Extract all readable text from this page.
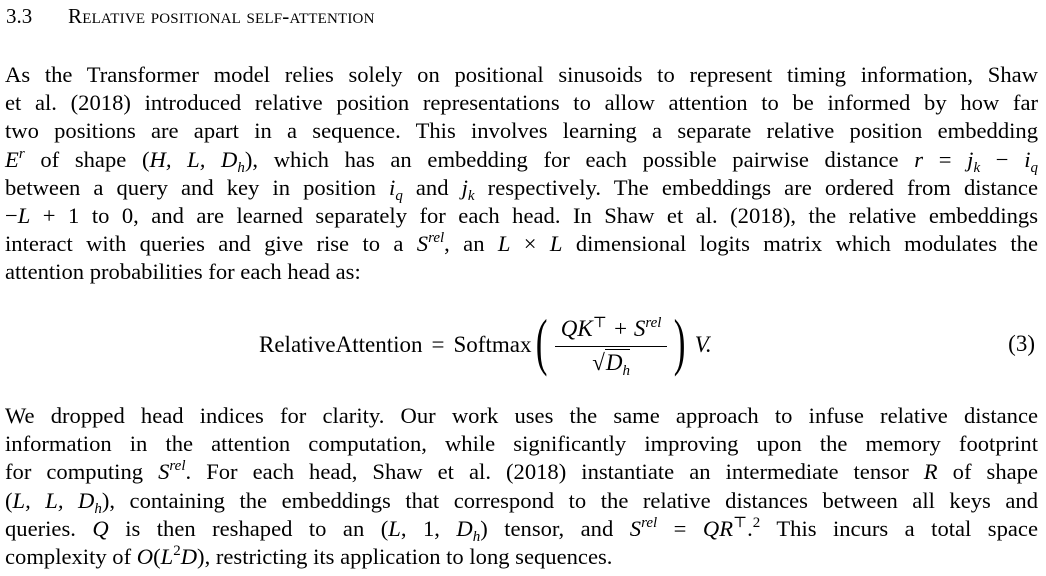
3.3 Relative positional self-attention
As the Transformer model relies solely on positional sinusoids to represent timing information, Shaw
et al. (2018) introduced relative position representations to allow attention to be informed by how far
two positions are apart in a sequence. This involves learning a separate relative position embedding
$E^r$ of shape (H, L, $D_h$), which has an embedding for each possible pairwise distance $r = j_k - i_q$
between a query and key in position $i_q$ and $j_k$ respectively. The embeddings are ordered from distance
−L + 1 to 0, and are learned separately for each head. In Shaw et al. (2018), the relative embeddings
interact with queries and give rise to a $S^{rel}$, an L × L dimensional logits matrix which modulates the
attention probabilities for each head as:
RelativeAttention = Softmax ( $\frac{QK^⊤ + S^{rel}}{√D_h}$ ) V.	(3)
We dropped head indices for clarity. Our work uses the same approach to infuse relative distance
information in the attention computation, while significantly improving upon the memory footprint
for computing $S^{rel}$. For each head, Shaw et al. (2018) instantiate an intermediate tensor R of shape
(L, L, $D_h$), containing the embeddings that correspond to the relative distances between all keys and
queries. Q is then reshaped to an (L, 1, $D_h$) tensor, and $S^{rel} = QR^⊤.^2$ This incurs a total space
complexity of $O(L^2D)$, restricting its application to long sequences.
